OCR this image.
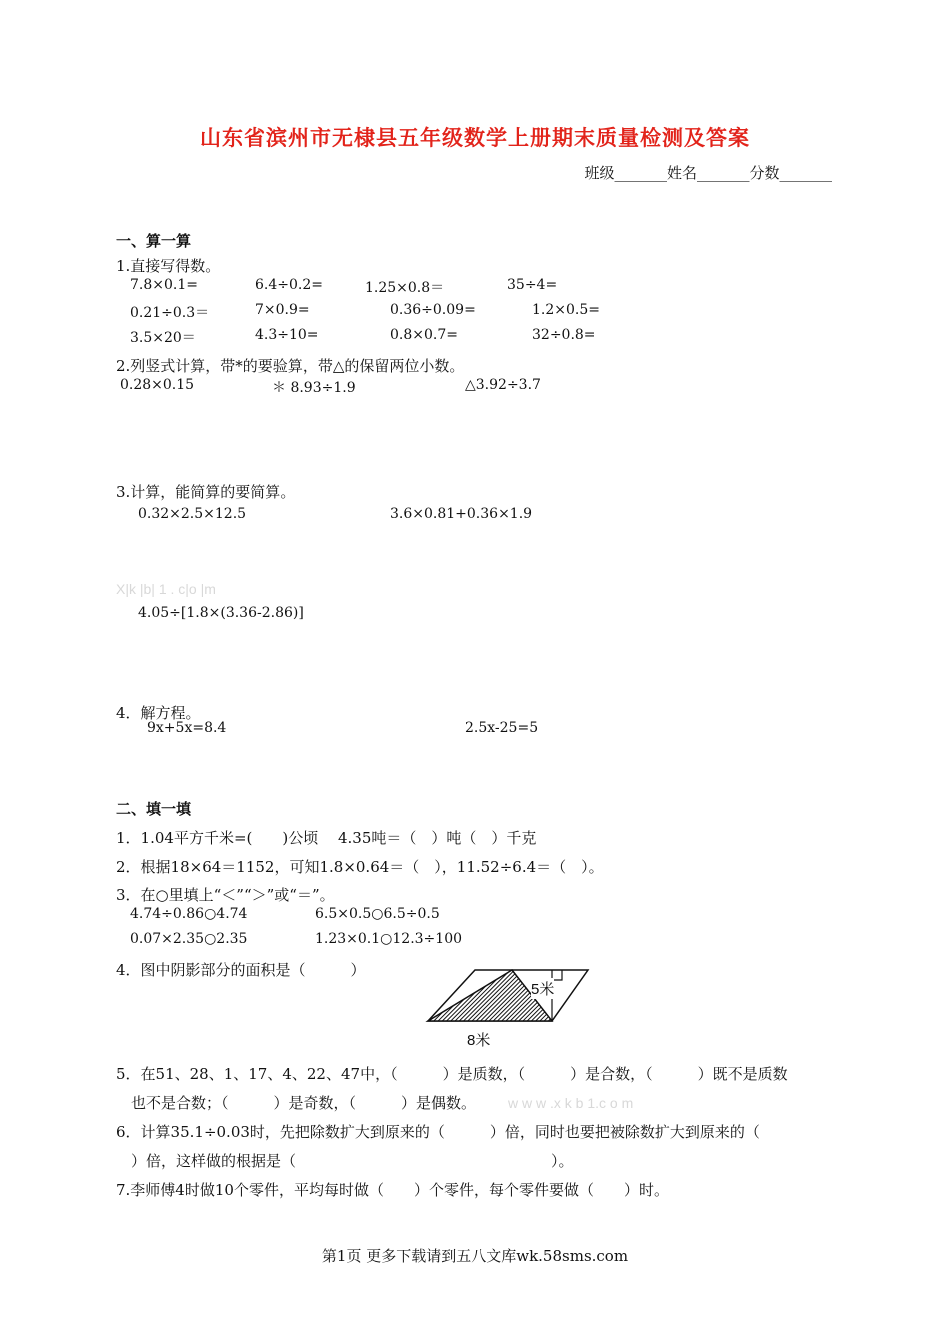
山东省滨州市无棣县五年级数学上册期末质量检测及答案
班级_______姓名_______分数_______
一、算一算
1.直接写得数。
7.8×0.1=	6.4÷0.2=	1.25×0.8＝	35÷4=
0.21÷0.3＝	7×0.9=	0.36÷0.09=	1.2×0.5=
3.5×20＝	4.3÷10=	0.8×0.7=	32÷0.8=
2.列竖式计算，带*的要验算，带△的保留两位小数。
0.28×0.15	＊ 8.93÷1.9	△3.92÷3.7
3.计算，能简算的要简算。
0.32×2.5×12.5	3.6×0.81+0.36×1.9
X|k |b| 1 . c|o |m
4.05÷[1.8×(3.36-2.86)]
4．解方程。
9x+5x=8.4	2.5x-25=5
二、填一填
1．1.04平方千米=(　　)公顷　 4.35吨＝（　）吨（　）千克
2．根据18×64＝1152，可知1.8×0.64＝（　），11.52÷6.4＝（　）。
3．在○里填上“＜”“＞”或“＝”。
4.74÷0.86○4.74	6.5×0.5○6.5÷0.5
0.07×2.35○2.35	1.23×0.1○12.3÷100
4．图中阴影部分的面积是（　　　）
5米
8米
5．在51、28、1、17、4、22、47中，（　　　）是质数，（　　　）是合数，（　　　）既不是质数
也不是合数；（　　　）是奇数，（　　　）是偶数。 w w w .x k b 1.c o m
6．计算35.1÷0.03时，先把除数扩大到原来的（　　　）倍，同时也要把被除数扩大到原来的（
）倍，这样做的根据是（　　　　　　　　　　　　　　　　　）。
7.李师傅4时做10个零件，平均每时做（　　）个零件，每个零件要做（　　）时。
第1页 更多下载请到五八文库wk.58sms.com
